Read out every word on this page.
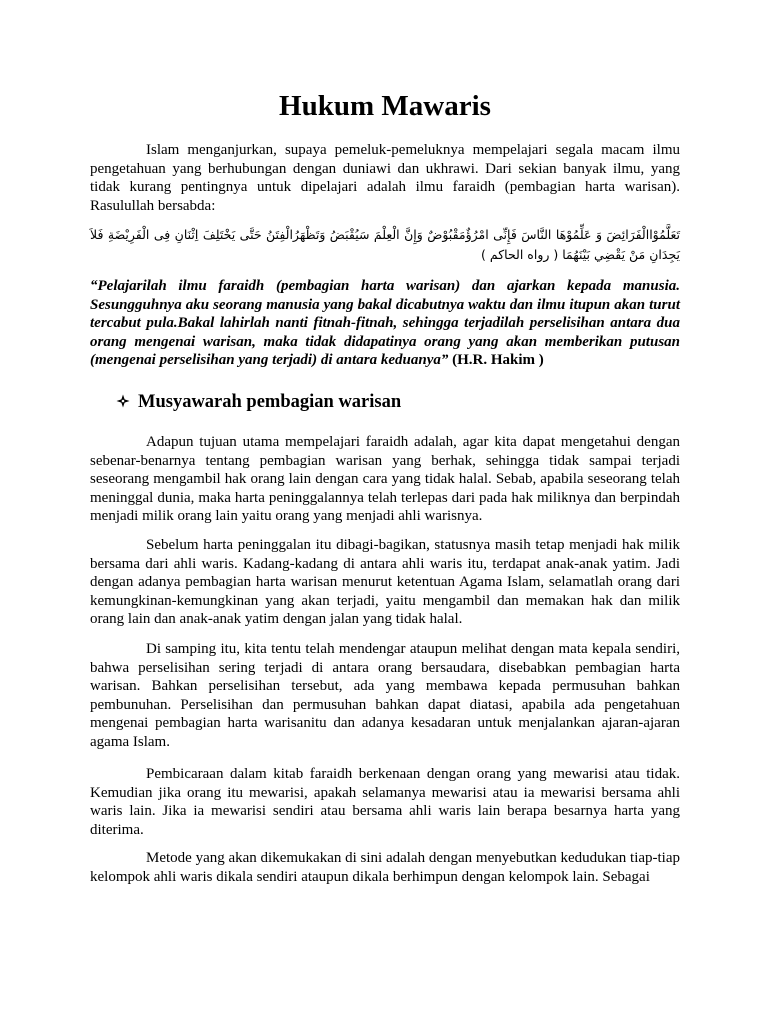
Hukum Mawaris

Islam menganjurkan, supaya pemeluk-pemeluknya mempelajari segala macam ilmu pengetahuan yang berhubungan dengan duniawi dan ukhrawi. Dari sekian banyak ilmu, yang tidak kurang pentingnya untuk dipelajari adalah ilmu faraidh (pembagian harta warisan). Rasulullah bersabda:

تَعَلَّمُوْاالْفَرَائِضَ وَ عَلِّمُوْهَا النَّاسَ فَإِنِّى امْرُؤٌمَقْبُوْضٌ وَإِنَّ الْعِلْمَ سَيُقْبَضُ وَتَظْهَرُالْفِتَنُ حَتَّى يَخْتَلِفَ اِثْنَانِ فِى الْفَرِيْضَةِ فَلاَ يَجِدَانِ مَنْ يَقْضِي بَيْنَهُمَا ( رواه الحاكم )

“Pelajarilah ilmu faraidh (pembagian harta warisan) dan ajarkan kepada manusia. Sesungguhnya aku seorang manusia yang bakal dicabutnya waktu dan ilmu itupun akan turut tercabut pula.Bakal lahirlah nanti fitnah-fitnah, sehingga terjadilah perselisihan antara dua orang mengenai warisan, maka tidak didapatinya orang yang akan memberikan putusan (mengenai perselisihan yang terjadi) di antara keduanya” (H.R. Hakim )

Musyawarah pembagian warisan

Adapun tujuan utama mempelajari faraidh adalah, agar kita dapat mengetahui dengan sebenar-benarnya tentang pembagian warisan yang berhak, sehingga tidak sampai terjadi seseorang mengambil hak orang lain dengan cara yang tidak halal. Sebab, apabila seseorang telah meninggal dunia, maka harta peninggalannya telah terlepas dari pada hak miliknya dan berpindah menjadi milik orang lain yaitu orang yang menjadi ahli warisnya.

Sebelum harta peninggalan itu dibagi-bagikan, statusnya masih tetap menjadi hak milik bersama dari ahli waris. Kadang-kadang di antara ahli waris itu, terdapat anak-anak yatim. Jadi dengan adanya pembagian harta warisan menurut ketentuan Agama Islam, selamatlah orang dari kemungkinan-kemungkinan yang akan terjadi, yaitu mengambil dan memakan hak dan milik orang lain dan anak-anak yatim dengan jalan yang tidak halal.

Di samping itu, kita tentu telah mendengar ataupun melihat dengan mata kepala sendiri, bahwa perselisihan sering terjadi di antara orang bersaudara, disebabkan pembagian harta warisan. Bahkan perselisihan tersebut, ada yang membawa kepada permusuhan bahkan pembunuhan. Perselisihan dan permusuhan bahkan dapat diatasi, apabila ada pengetahuan mengenai pembagian harta warisanitu dan adanya kesadaran untuk menjalankan ajaran-ajaran agama Islam.

Pembicaraan dalam kitab faraidh berkenaan dengan orang yang mewarisi atau tidak. Kemudian jika orang itu mewarisi, apakah selamanya mewarisi atau ia mewarisi bersama ahli waris lain. Jika ia mewarisi sendiri atau bersama ahli waris lain berapa besarnya harta yang diterima.

Metode yang akan dikemukakan di sini adalah dengan menyebutkan kedudukan tiap-tiap kelompok ahli waris dikala sendiri ataupun dikala berhimpun dengan kelompok lain. Sebagai
